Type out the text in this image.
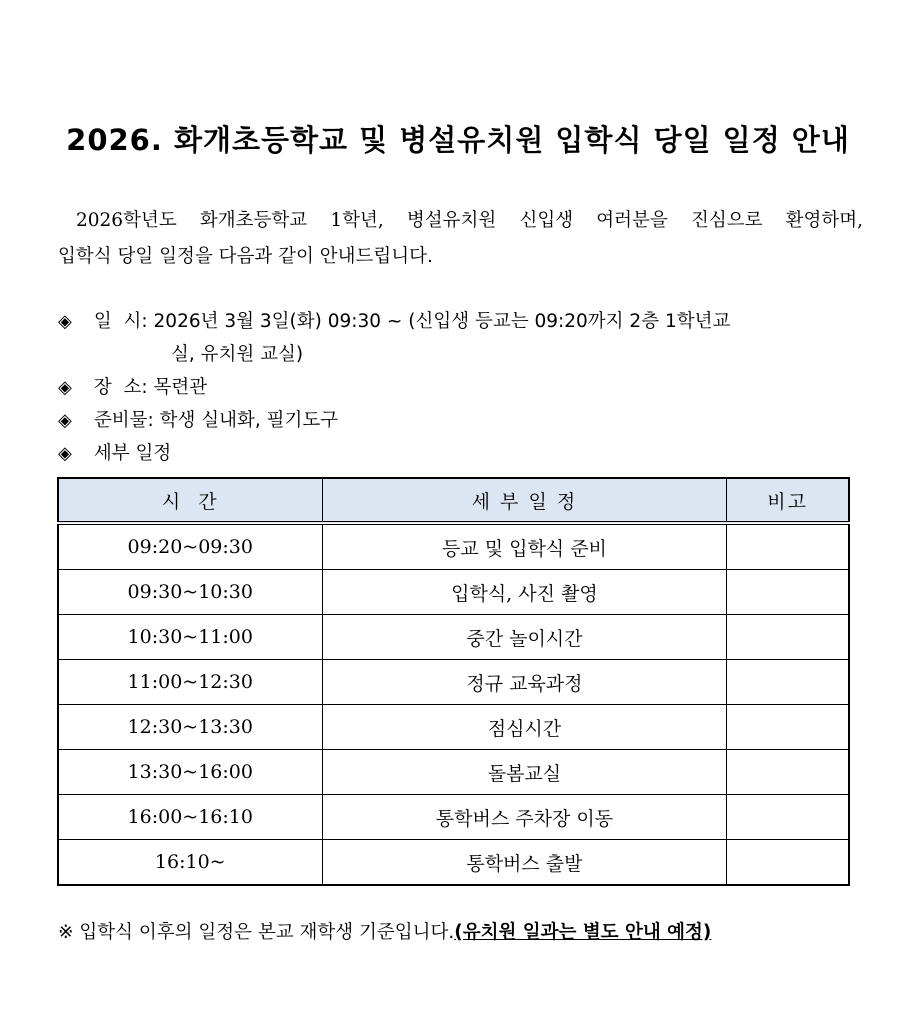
2026. 화개초등학교 및 병설유치원 입학식 당일 일정 안내
2026학년도 화개초등학교 1학년, 병설유치원 신입생 여러분을 진심으로 환영하며,
입학식 당일 일정을 다음과 같이 안내드립니다.
◈ 일  시: 2026년 3월 3일(화) 09:30 ~ (신입생 등교는 09:20까지 2층 1학년교
실, 유치원 교실)
◈ 장  소: 목련관
◈ 준비물: 학생 실내화, 필기도구
◈ 세부 일정
시  간	세 부 일 정	비고
09:20~09:30	등교 및 입학식 준비	
09:30~10:30	입학식, 사진 촬영	
10:30~11:00	중간 놀이시간	
11:00~12:30	정규 교육과정	
12:30~13:30	점심시간	
13:30~16:00	돌봄교실	
16:00~16:10	통학버스 주차장 이동	
16:10~	통학버스 출발	
※ 입학식 이후의 일정은 본교 재학생 기준입니다.(유치원 일과는 별도 안내 예정)
